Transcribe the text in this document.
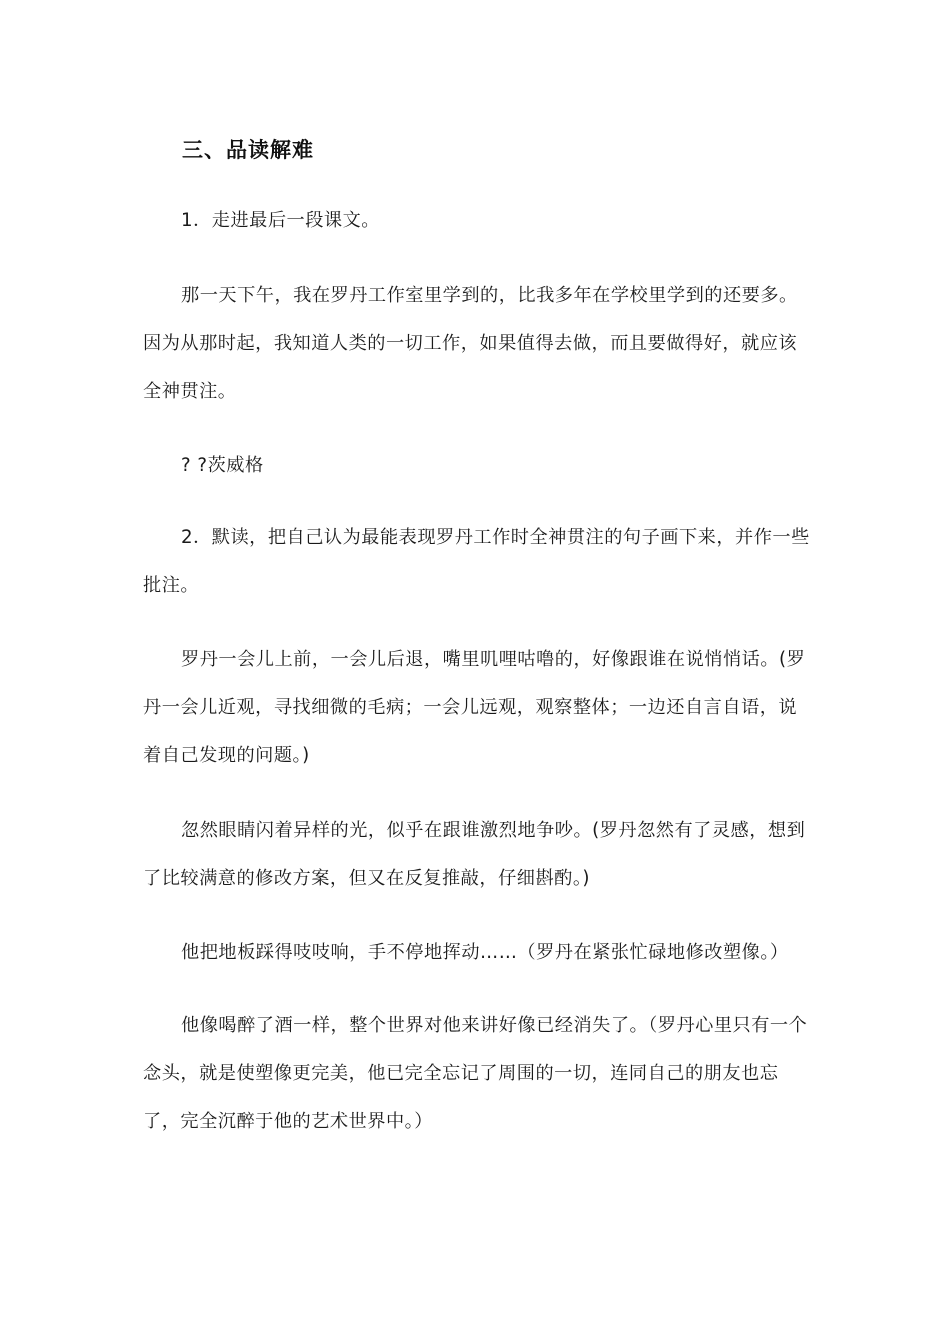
三、品读解难

1．走进最后一段课文。

那一天下午，我在罗丹工作室里学到的，比我多年在学校里学到的还要多。因为从那时起，我知道人类的一切工作，如果值得去做，而且要做得好，就应该全神贯注。

? ?茨威格

2．默读，把自己认为最能表现罗丹工作时全神贯注的句子画下来，并作一些批注。

罗丹一会儿上前，一会儿后退，嘴里叽哩咕噜的，好像跟谁在说悄悄话。(罗丹一会儿近观，寻找细微的毛病；一会儿远观，观察整体；一边还自言自语，说着自己发现的问题。)

忽然眼睛闪着异样的光，似乎在跟谁激烈地争吵。(罗丹忽然有了灵感，想到了比较满意的修改方案，但又在反复推敲，仔细斟酌。)

他把地板踩得吱吱响，手不停地挥动……（罗丹在紧张忙碌地修改塑像。）

他像喝醉了酒一样，整个世界对他来讲好像已经消失了。（罗丹心里只有一个念头，就是使塑像更完美，他已完全忘记了周围的一切，连同自己的朋友也忘了，完全沉醉于他的艺术世界中。）
